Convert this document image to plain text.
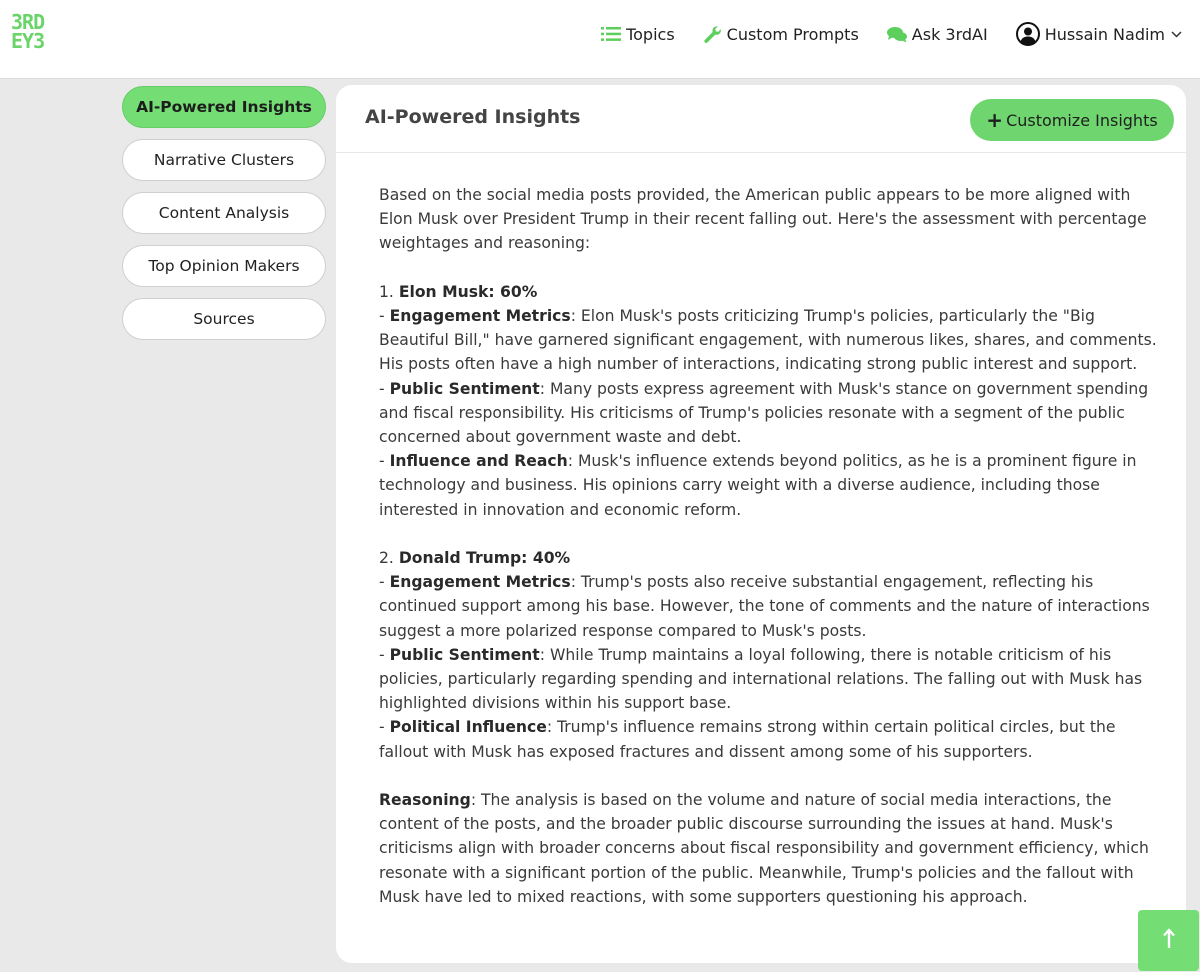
3RD
EY3	Topics	Custom Prompts	Ask 3rdAI	Hussain Nadim
AI-Powered Insights
Narrative Clusters
Content Analysis
Top Opinion Makers
Sources
AI-Powered Insights	+ Customize Insights

Based on the social media posts provided, the American public appears to be more aligned with Elon Musk over President Trump in their recent falling out. Here's the assessment with percentage weightages and reasoning:

1. Elon Musk: 60%
- Engagement Metrics: Elon Musk's posts criticizing Trump's policies, particularly the "Big Beautiful Bill," have garnered significant engagement, with numerous likes, shares, and comments. His posts often have a high number of interactions, indicating strong public interest and support.
- Public Sentiment: Many posts express agreement with Musk's stance on government spending and fiscal responsibility. His criticisms of Trump's policies resonate with a segment of the public concerned about government waste and debt.
- Influence and Reach: Musk's influence extends beyond politics, as he is a prominent figure in technology and business. His opinions carry weight with a diverse audience, including those interested in innovation and economic reform.
2. Donald Trump: 40%
- Engagement Metrics: Trump's posts also receive substantial engagement, reflecting his continued support among his base. However, the tone of comments and the nature of interactions suggest a more polarized response compared to Musk's posts.
- Public Sentiment: While Trump maintains a loyal following, there is notable criticism of his policies, particularly regarding spending and international relations. The falling out with Musk has highlighted divisions within his support base.
- Political Influence: Trump's influence remains strong within certain political circles, but the fallout with Musk has exposed fractures and dissent among some of his supporters.

Reasoning: The analysis is based on the volume and nature of social media interactions, the content of the posts, and the broader public discourse surrounding the issues at hand. Musk's criticisms align with broader concerns about fiscal responsibility and government efficiency, which resonate with a significant portion of the public. Meanwhile, Trump's policies and the fallout with Musk have led to mixed reactions, with some supporters questioning his approach.
